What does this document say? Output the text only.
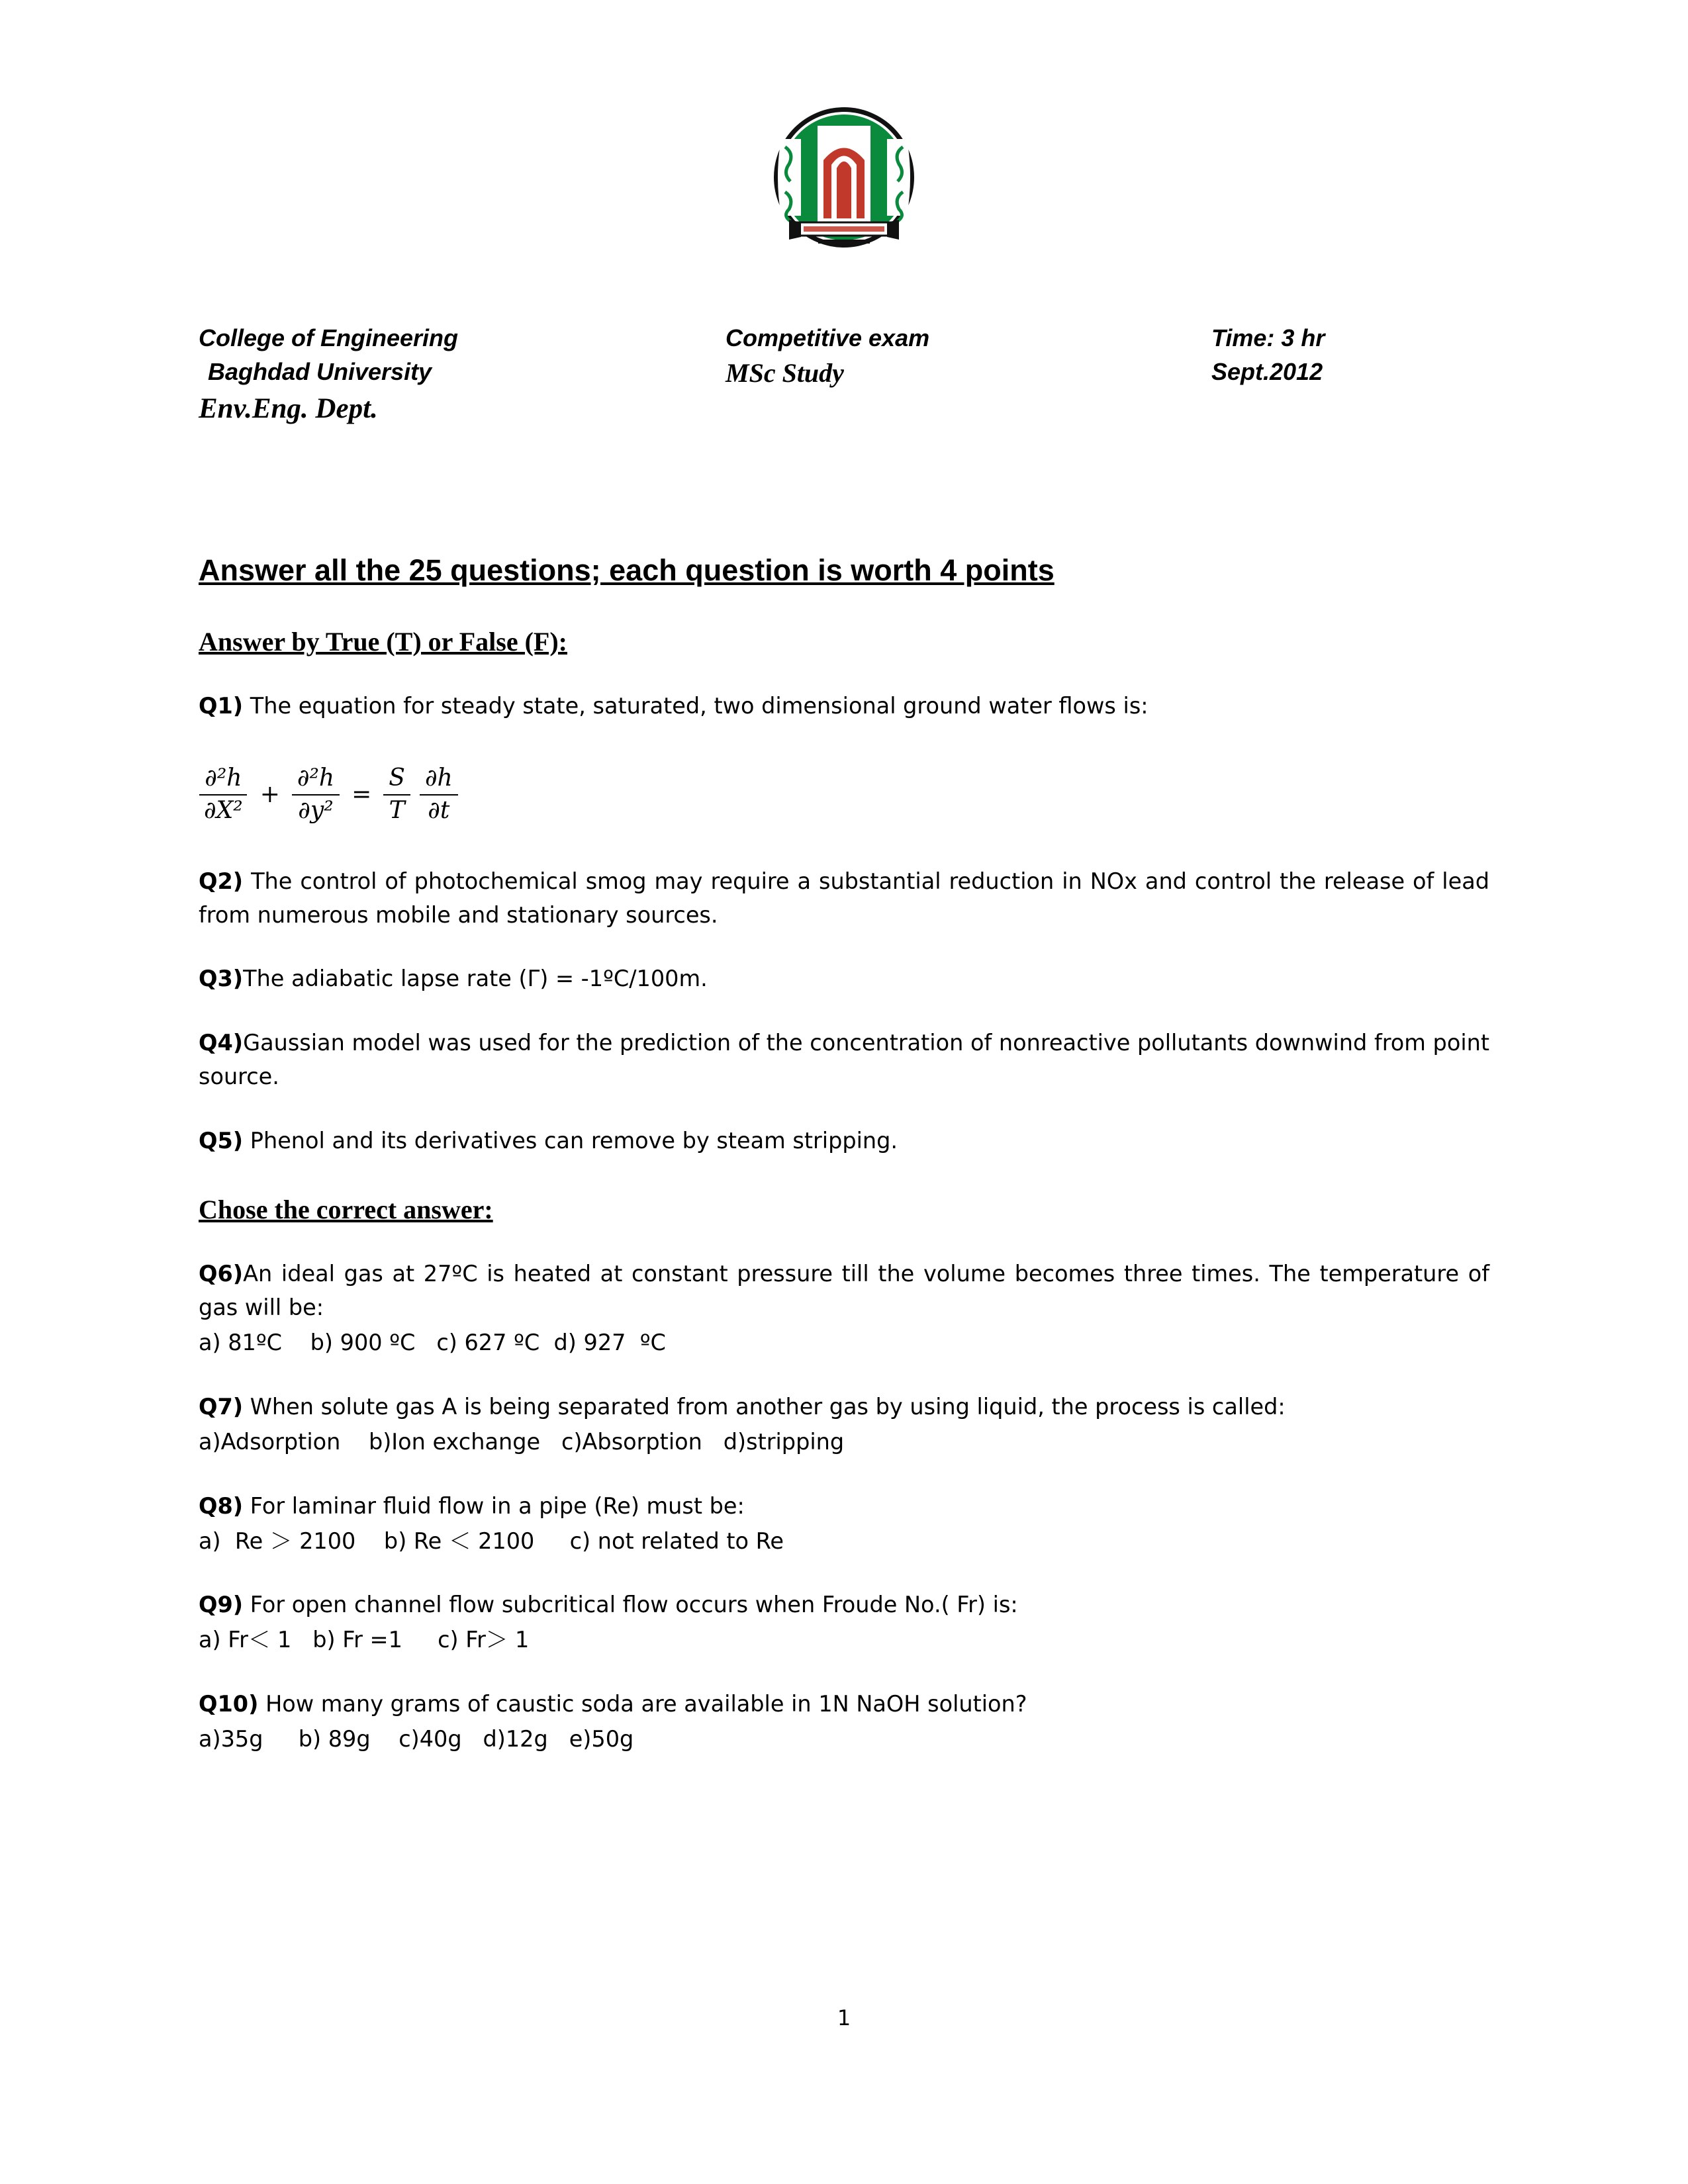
College of Engineering
Baghdad University
Env.Eng. Dept.

Competitive exam
MSc Study

Time: 3 hr
Sept.2012
Answer all the 25 questions; each question is worth 4 points
Answer by True (T) or False (F):
Q1) The equation for steady state, saturated, two dimensional ground water flows is:
$\frac{\text{∂²h}}{\text{∂X²}} + \frac{\text{∂²h}}{\text{∂y²}} = \frac{S}{T} \frac{\partial h}{\partial t}$
Q2) The control of photochemical smog may require a substantial reduction in NOx and control the release of lead from numerous mobile and stationary sources.
Q3)The adiabatic lapse rate (Γ) = -1ºC/100m.
Q4)Gaussian model was used for the prediction of the concentration of nonreactive pollutants downwind from point source.
Q5) Phenol and its derivatives can remove by steam stripping.
Chose the correct answer:
Q6)An ideal gas at 27ºC is heated at constant pressure till the volume becomes three times. The temperature of gas will be:
a) 81ºC    b) 900 ºC   c) 627 ºC  d) 927  ºC
Q7) When solute gas A is being separated from another gas by using liquid, the process is called:
a)Adsorption    b)Ion exchange   c)Absorption   d)stripping
Q8) For laminar fluid flow in a pipe (Re) must be:
a)  Re ＞ 2100    b) Re ＜ 2100     c) not related to Re
Q9) For open channel flow subcritical flow occurs when Froude No.( Fr) is:
a) Fr＜ 1   b) Fr =1     c) Fr＞ 1
Q10) How many grams of caustic soda are available in 1N NaOH solution?
a)35g     b) 89g    c)40g   d)12g   e)50g
1
